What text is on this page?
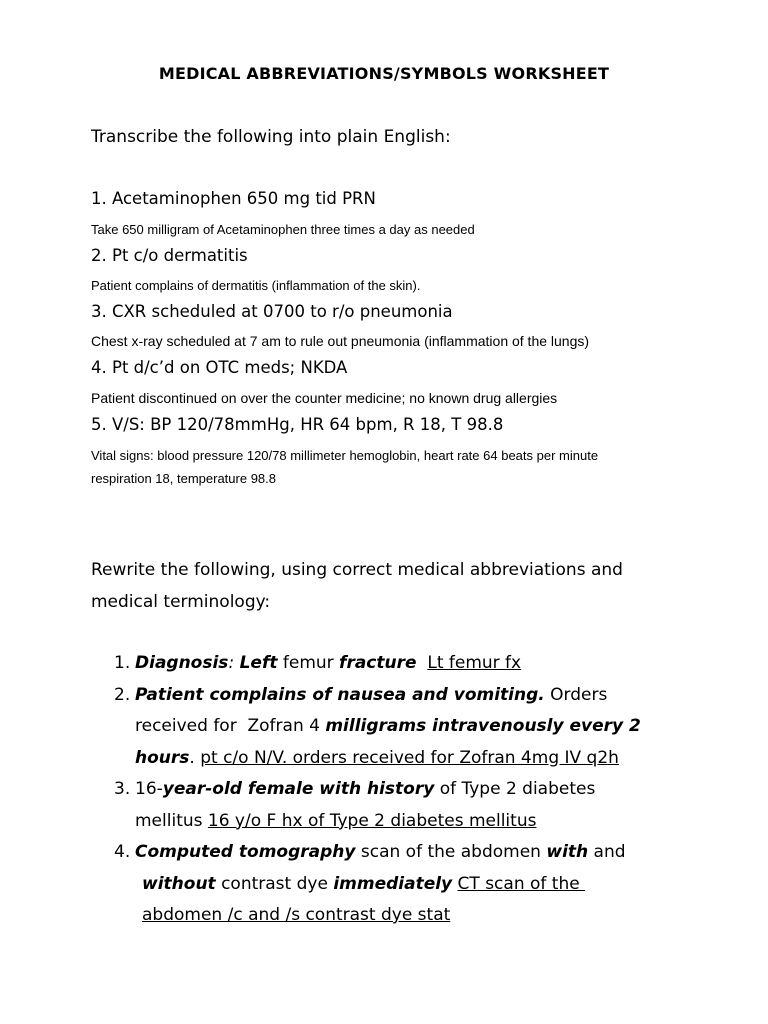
MEDICAL ABBREVIATIONS/SYMBOLS WORKSHEET
Transcribe the following into plain English:
1. Acetaminophen 650 mg tid PRN
Take 650 milligram of Acetaminophen three times a day as needed
2. Pt c/o dermatitis
Patient complains of dermatitis (inflammation of the skin).
3. CXR scheduled at 0700 to r/o pneumonia
Chest x-ray scheduled at 7 am to rule out pneumonia (inflammation of the lungs)
4. Pt d/c’d on OTC meds; NKDA
Patient discontinued on over the counter medicine; no known drug allergies
5. V/S: BP 120/78mmHg, HR 64 bpm, R 18, T 98.8
Vital signs: blood pressure 120/78 millimeter hemoglobin, heart rate 64 beats per minute
respiration 18, temperature 98.8
Rewrite the following, using correct medical abbreviations and
medical terminology:
1. Diagnosis: Left femur fracture Lt femur fx
2. Patient complains of nausea and vomiting. Orders
received for  Zofran 4 milligrams intravenously every 2
hours. pt c/o N/V. orders received for Zofran 4mg IV q2h
3. 16-year-old female with history of Type 2 diabetes
mellitus 16 y/o F hx of Type 2 diabetes mellitus
4. Computed tomography scan of the abdomen with and
without contrast dye immediately CT scan of the
abdomen /c and /s contrast dye stat
